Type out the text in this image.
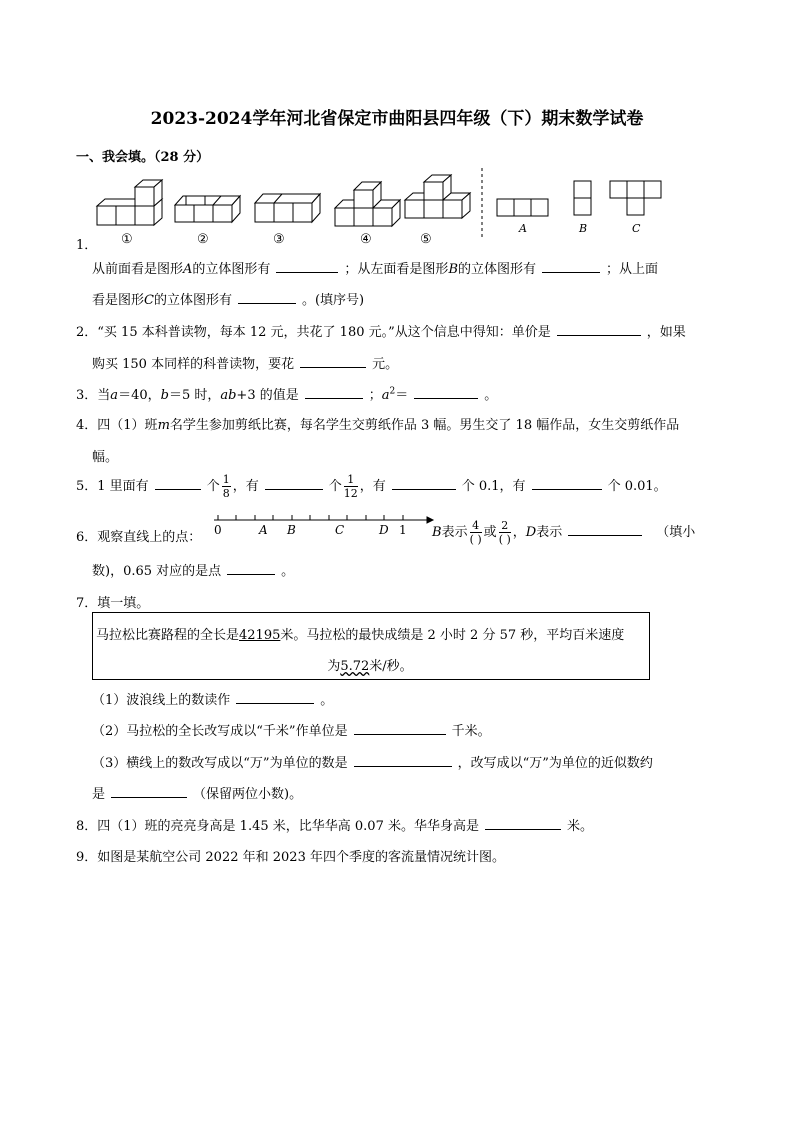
2023-2024学年河北省保定市曲阳县四年级（下）期末数学试卷
一、我会填。（28 分）
①	②	③	④	⑤
A	B	C
1．
从前面看是图形A的立体图形有	；从左面看是图形B的立体图形有	；从上面
看是图形C的立体图形有	。(填序号)
2．“买 15 本科普读物，每本 12 元，共花了 180 元。”从这个信息中得知：单价是	，如果
购买 150 本同样的科普读物，要花	元。
3．当a＝40，b＝5 时，ab+3 的值是	；$a^2=$	。
4．四（1）班m名学生参加剪纸比赛，每名学生交剪纸作品 3 幅。男生交了 18 幅作品，女生交剪纸作品
幅。
5．1 里面有	个 $\frac{1}{8}$ ，有	个 $\frac{1}{12}$ ，有	个 0.1，有	个 0.01。
6．观察直线上的点： 0	A B	C	D 1 B表示 $\frac{4}{( )}$ 或 $\frac{2}{( )}$ ，D表示	（填小
数)，0.65 对应的是点	。
7．填一填。
马拉松比赛路程的全长是42195米。马拉松的最快成绩是 2 小时 2 分 57 秒，平均百米速度
为5.72米/秒。
（1）波浪线上的数读作	。
（2）马拉松的全长改写成以“千米”作单位是	千米。
（3）横线上的数改写成以“万”为单位的数是	，改写成以“万”为单位的近似数约
是	（保留两位小数)。
8．四（1）班的亮亮身高是 1.45 米，比华华高 0.07 米。华华身高是	米。
9．如图是某航空公司 2022 年和 2023 年四个季度的客流量情况统计图。
